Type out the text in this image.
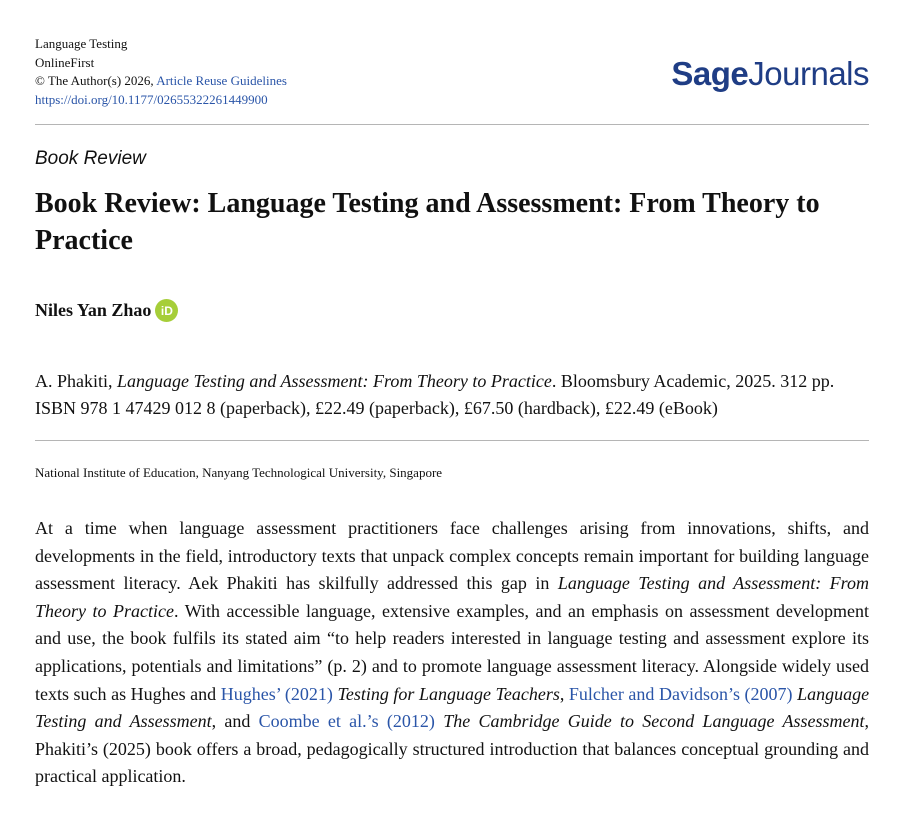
Language Testing
OnlineFirst
© The Author(s) 2026, Article Reuse Guidelines
https://doi.org/10.1177/02655322261449900
SageJournals
Book Review
Book Review: Language Testing and Assessment: From Theory to Practice
Niles Yan Zhao iD

A. Phakiti, Language Testing and Assessment: From Theory to Practice. Bloomsbury Academic, 2025. 312 pp. ISBN 978 1 47429 012 8 (paperback), £22.49 (paperback), £67.50 (hardback), £22.49 (eBook)

National Institute of Education, Nanyang Technological University, Singapore

At a time when language assessment practitioners face challenges arising from innovations, shifts, and developments in the field, introductory texts that unpack complex concepts remain important for building language assessment literacy. Aek Phakiti has skilfully addressed this gap in Language Testing and Assessment: From Theory to Practice. With accessible language, extensive examples, and an emphasis on assessment development and use, the book fulfils its stated aim “to help readers interested in language testing and assessment explore its applications, potentials and limitations” (p. 2) and to promote language assessment literacy. Alongside widely used texts such as Hughes and Hughes’ (2021) Testing for Language Teachers, Fulcher and Davidson’s (2007) Language Testing and Assessment, and Coombe et al.’s (2012) The Cambridge Guide to Second Language Assessment, Phakiti’s (2025) book offers a broad, pedagogically structured introduction that balances conceptual grounding and practical application.
